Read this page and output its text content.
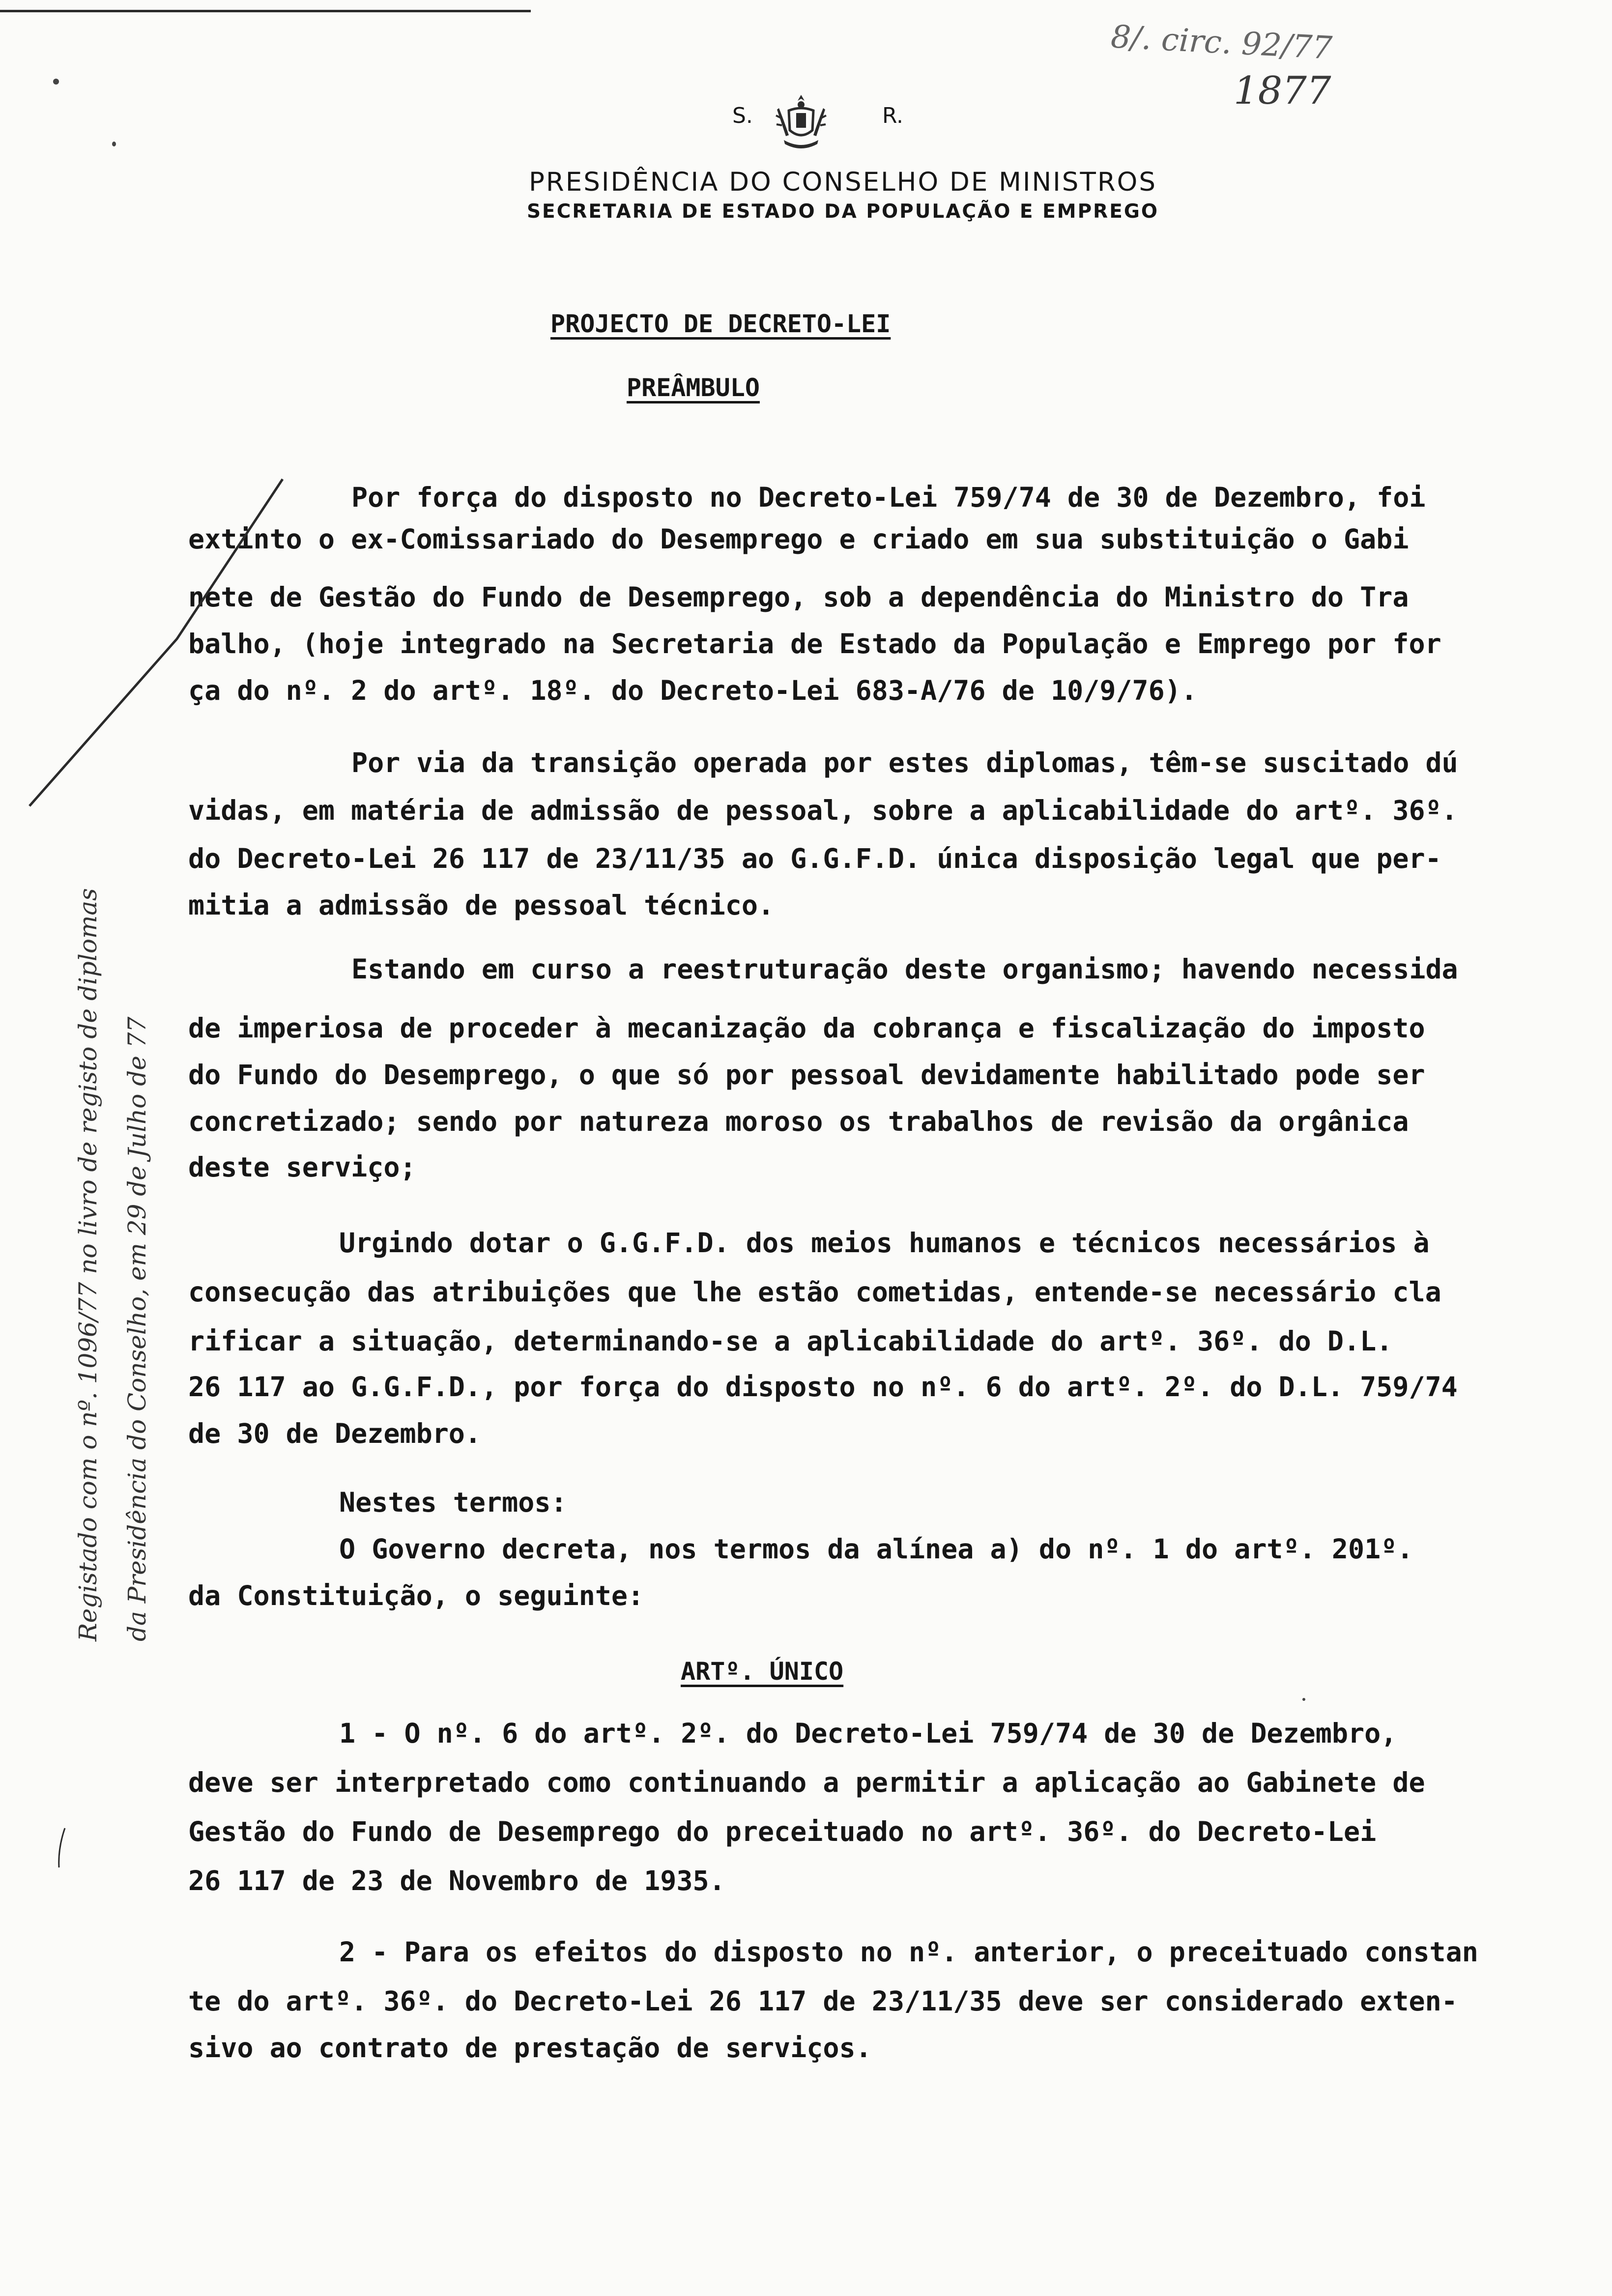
8/. circ. 92/77
1877
S.	R.
PRESIDÊNCIA DO CONSELHO DE MINISTROS
SECRETARIA DE ESTADO DA POPULAÇÃO E EMPREGO
PROJECTO DE DECRETO-LEI
PREÂMBULO
Por força do disposto no Decreto-Lei 759/74 de 30 de Dezembro, foi
extinto o ex-Comissariado do Desemprego e criado em sua substituição o Gabi
nete de Gestão do Fundo de Desemprego, sob a dependência do Ministro do Tra
balho, (hoje integrado na Secretaria de Estado da População e Emprego por for
ça do nº. 2 do artº. 18º. do Decreto-Lei 683-A/76 de 10/9/76).
Por via da transição operada por estes diplomas, têm-se suscitado dú
vidas, em matéria de admissão de pessoal, sobre a aplicabilidade do artº. 36º.
do Decreto-Lei 26 117 de 23/11/35 ao G.G.F.D. única disposição legal que per-
mitia a admissão de pessoal técnico.
Estando em curso a reestruturação deste organismo; havendo necessida
de imperiosa de proceder à mecanização da cobrança e fiscalização do imposto
do Fundo do Desemprego, o que só por pessoal devidamente habilitado pode ser
concretizado; sendo por natureza moroso os trabalhos de revisão da orgânica
deste serviço;
Urgindo dotar o G.G.F.D. dos meios humanos e técnicos necessários à
consecução das atribuições que lhe estão cometidas, entende-se necessário cla
rificar a situação, determinando-se a aplicabilidade do artº. 36º. do D.L.
26 117 ao G.G.F.D., por força do disposto no nº. 6 do artº. 2º. do D.L. 759/74
de 30 de Dezembro.
Nestes termos:
O Governo decreta, nos termos da alínea a) do nº. 1 do artº. 201º.
da Constituição, o seguinte:
ARTº. ÚNICO
1 - O nº. 6 do artº. 2º. do Decreto-Lei 759/74 de 30 de Dezembro,
deve ser interpretado como continuando a permitir a aplicação ao Gabinete de
Gestão do Fundo de Desemprego do preceituado no artº. 36º. do Decreto-Lei
26 117 de 23 de Novembro de 1935.
2 - Para os efeitos do disposto no nº. anterior, o preceituado constan
te do artº. 36º. do Decreto-Lei 26 117 de 23/11/35 deve ser considerado exten-
sivo ao contrato de prestação de serviços.
Registado com o nº. 1096/77 no livro de registo de diplomas da Presidência do Conselho, em 29 de Julho de 77
